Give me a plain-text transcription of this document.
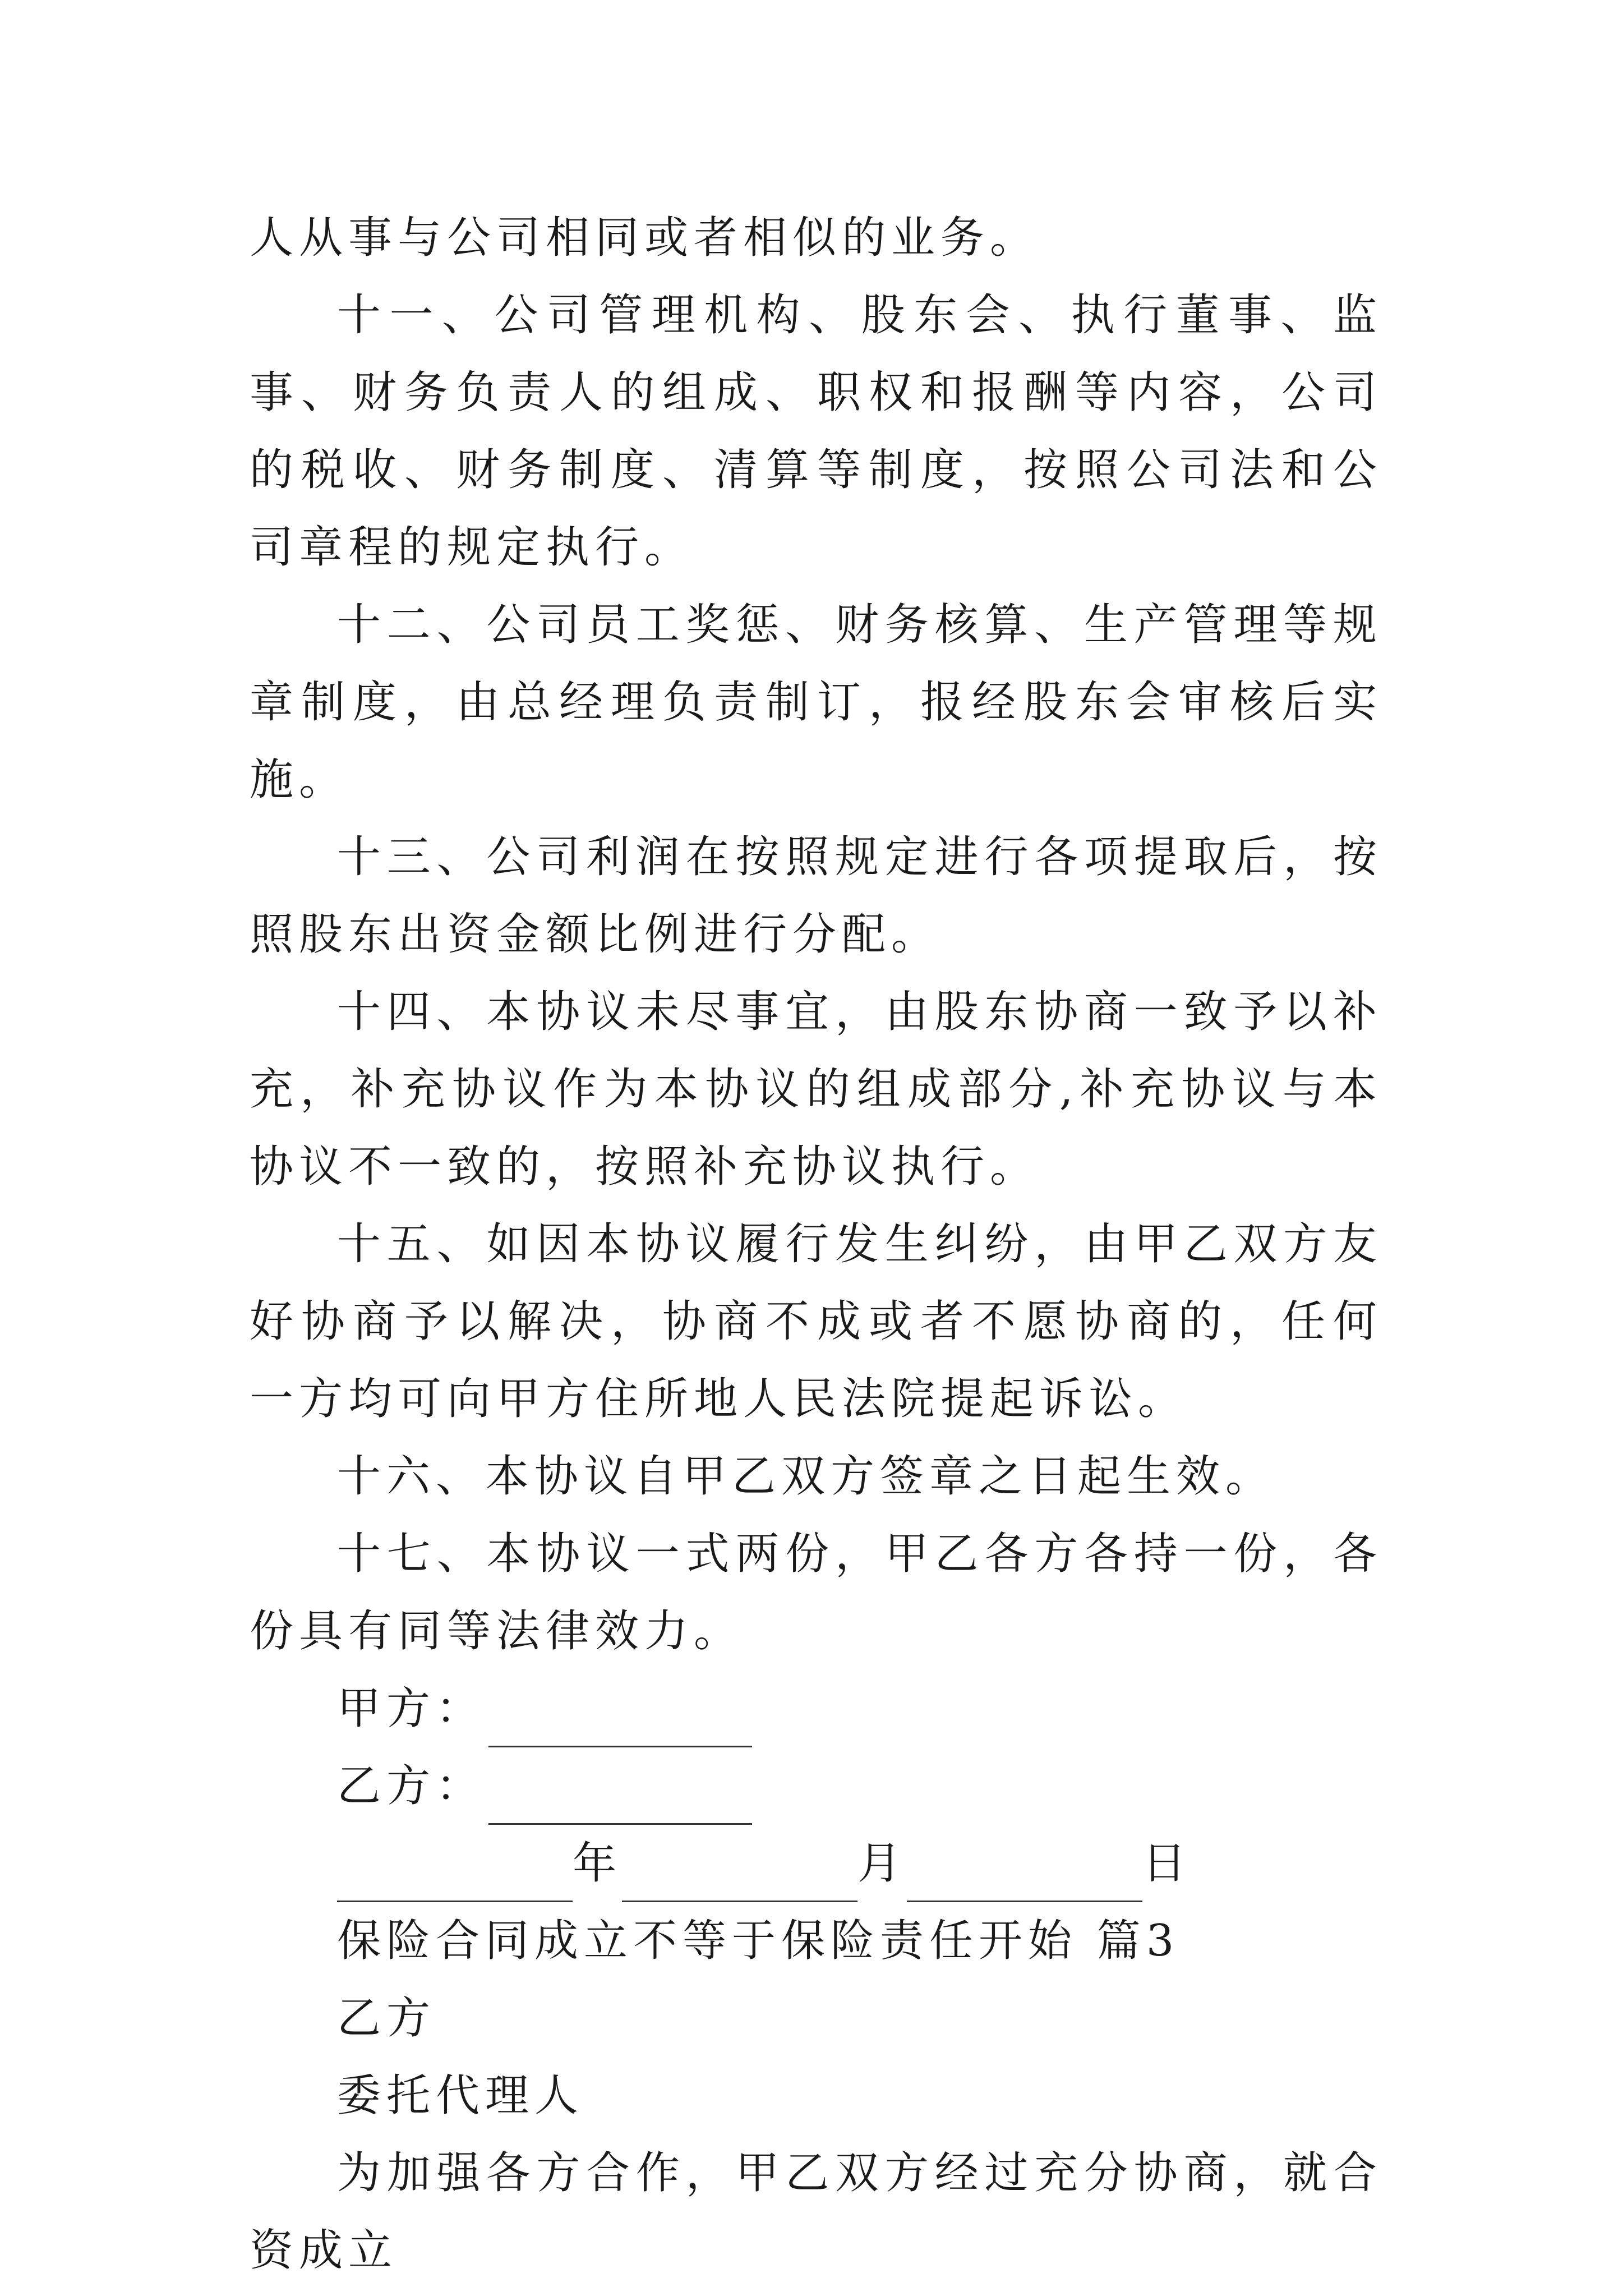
人从事与公司相同或者相似的业务。

十一、公司管理机构、股东会、执行董事、监事、财务负责人的组成、职权和报酬等内容，公司的税收、财务制度、清算等制度，按照公司法和公司章程的规定执行。

十二、公司员工奖惩、财务核算、生产管理等规章制度，由总经理负责制订，报经股东会审核后实施。

十三、公司利润在按照规定进行各项提取后，按照股东出资金额比例进行分配。

十四、本协议未尽事宜，由股东协商一致予以补充，补充协议作为本协议的组成部分,补充协议与本协议不一致的，按照补充协议执行。

十五、如因本协议履行发生纠纷，由甲乙双方友好协商予以解决，协商不成或者不愿协商的，任何一方均可向甲方住所地人民法院提起诉讼。

十六、本协议自甲乙双方签章之日起生效。

十七、本协议一式两份，甲乙各方各持一份，各份具有同等法律效力。

甲方：
乙方：
年	月	日

保险合同成立不等于保险责任开始 篇3

乙方

委托代理人

为加强各方合作，甲乙双方经过充分协商，就合资成立
